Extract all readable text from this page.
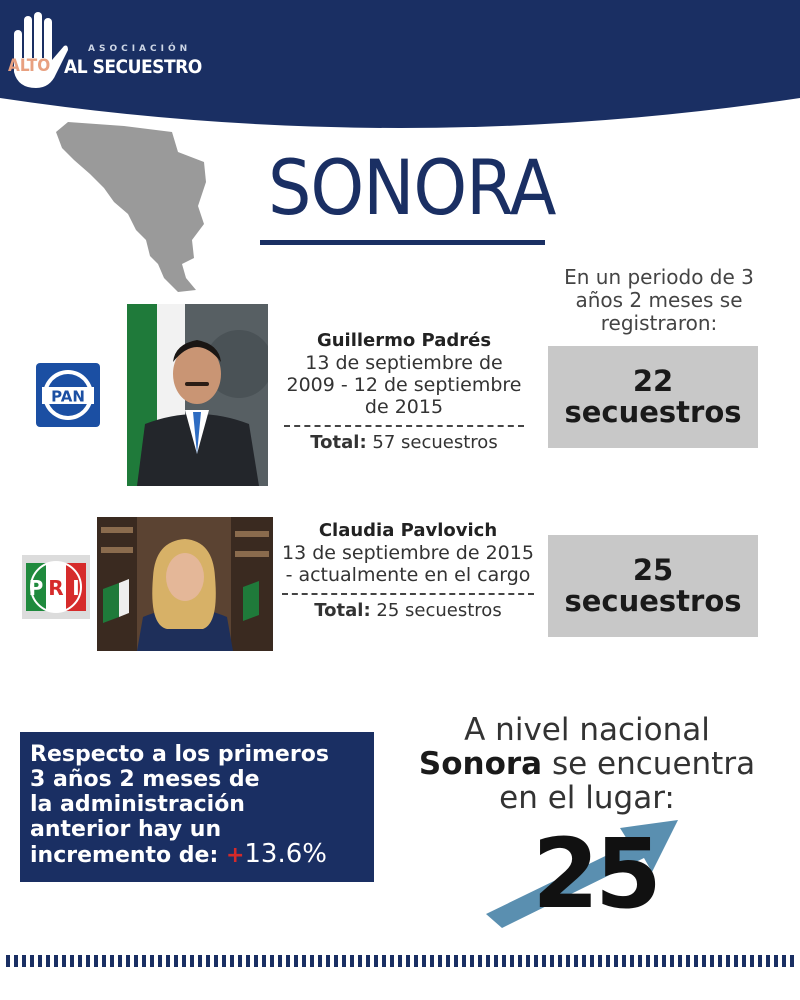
ASOCIACIÓN
ALTO AL SECUESTRO
SONORA
En un periodo de 3 años 2 meses se registraron:
PAN
Guillermo Padrés
13 de septiembre de 2009 - 12 de septiembre de 2015
Total: 57 secuestros
22
secuestros
P R I
Claudia Pavlovich
13 de septiembre de 2015 - actualmente en el cargo
Total: 25 secuestros
25
secuestros
Respecto a los primeros
3 años 2 meses de
la administración
anterior hay un
incremento de: +13.6%
A nivel nacional
Sonora se encuentra
en el lugar:
25
